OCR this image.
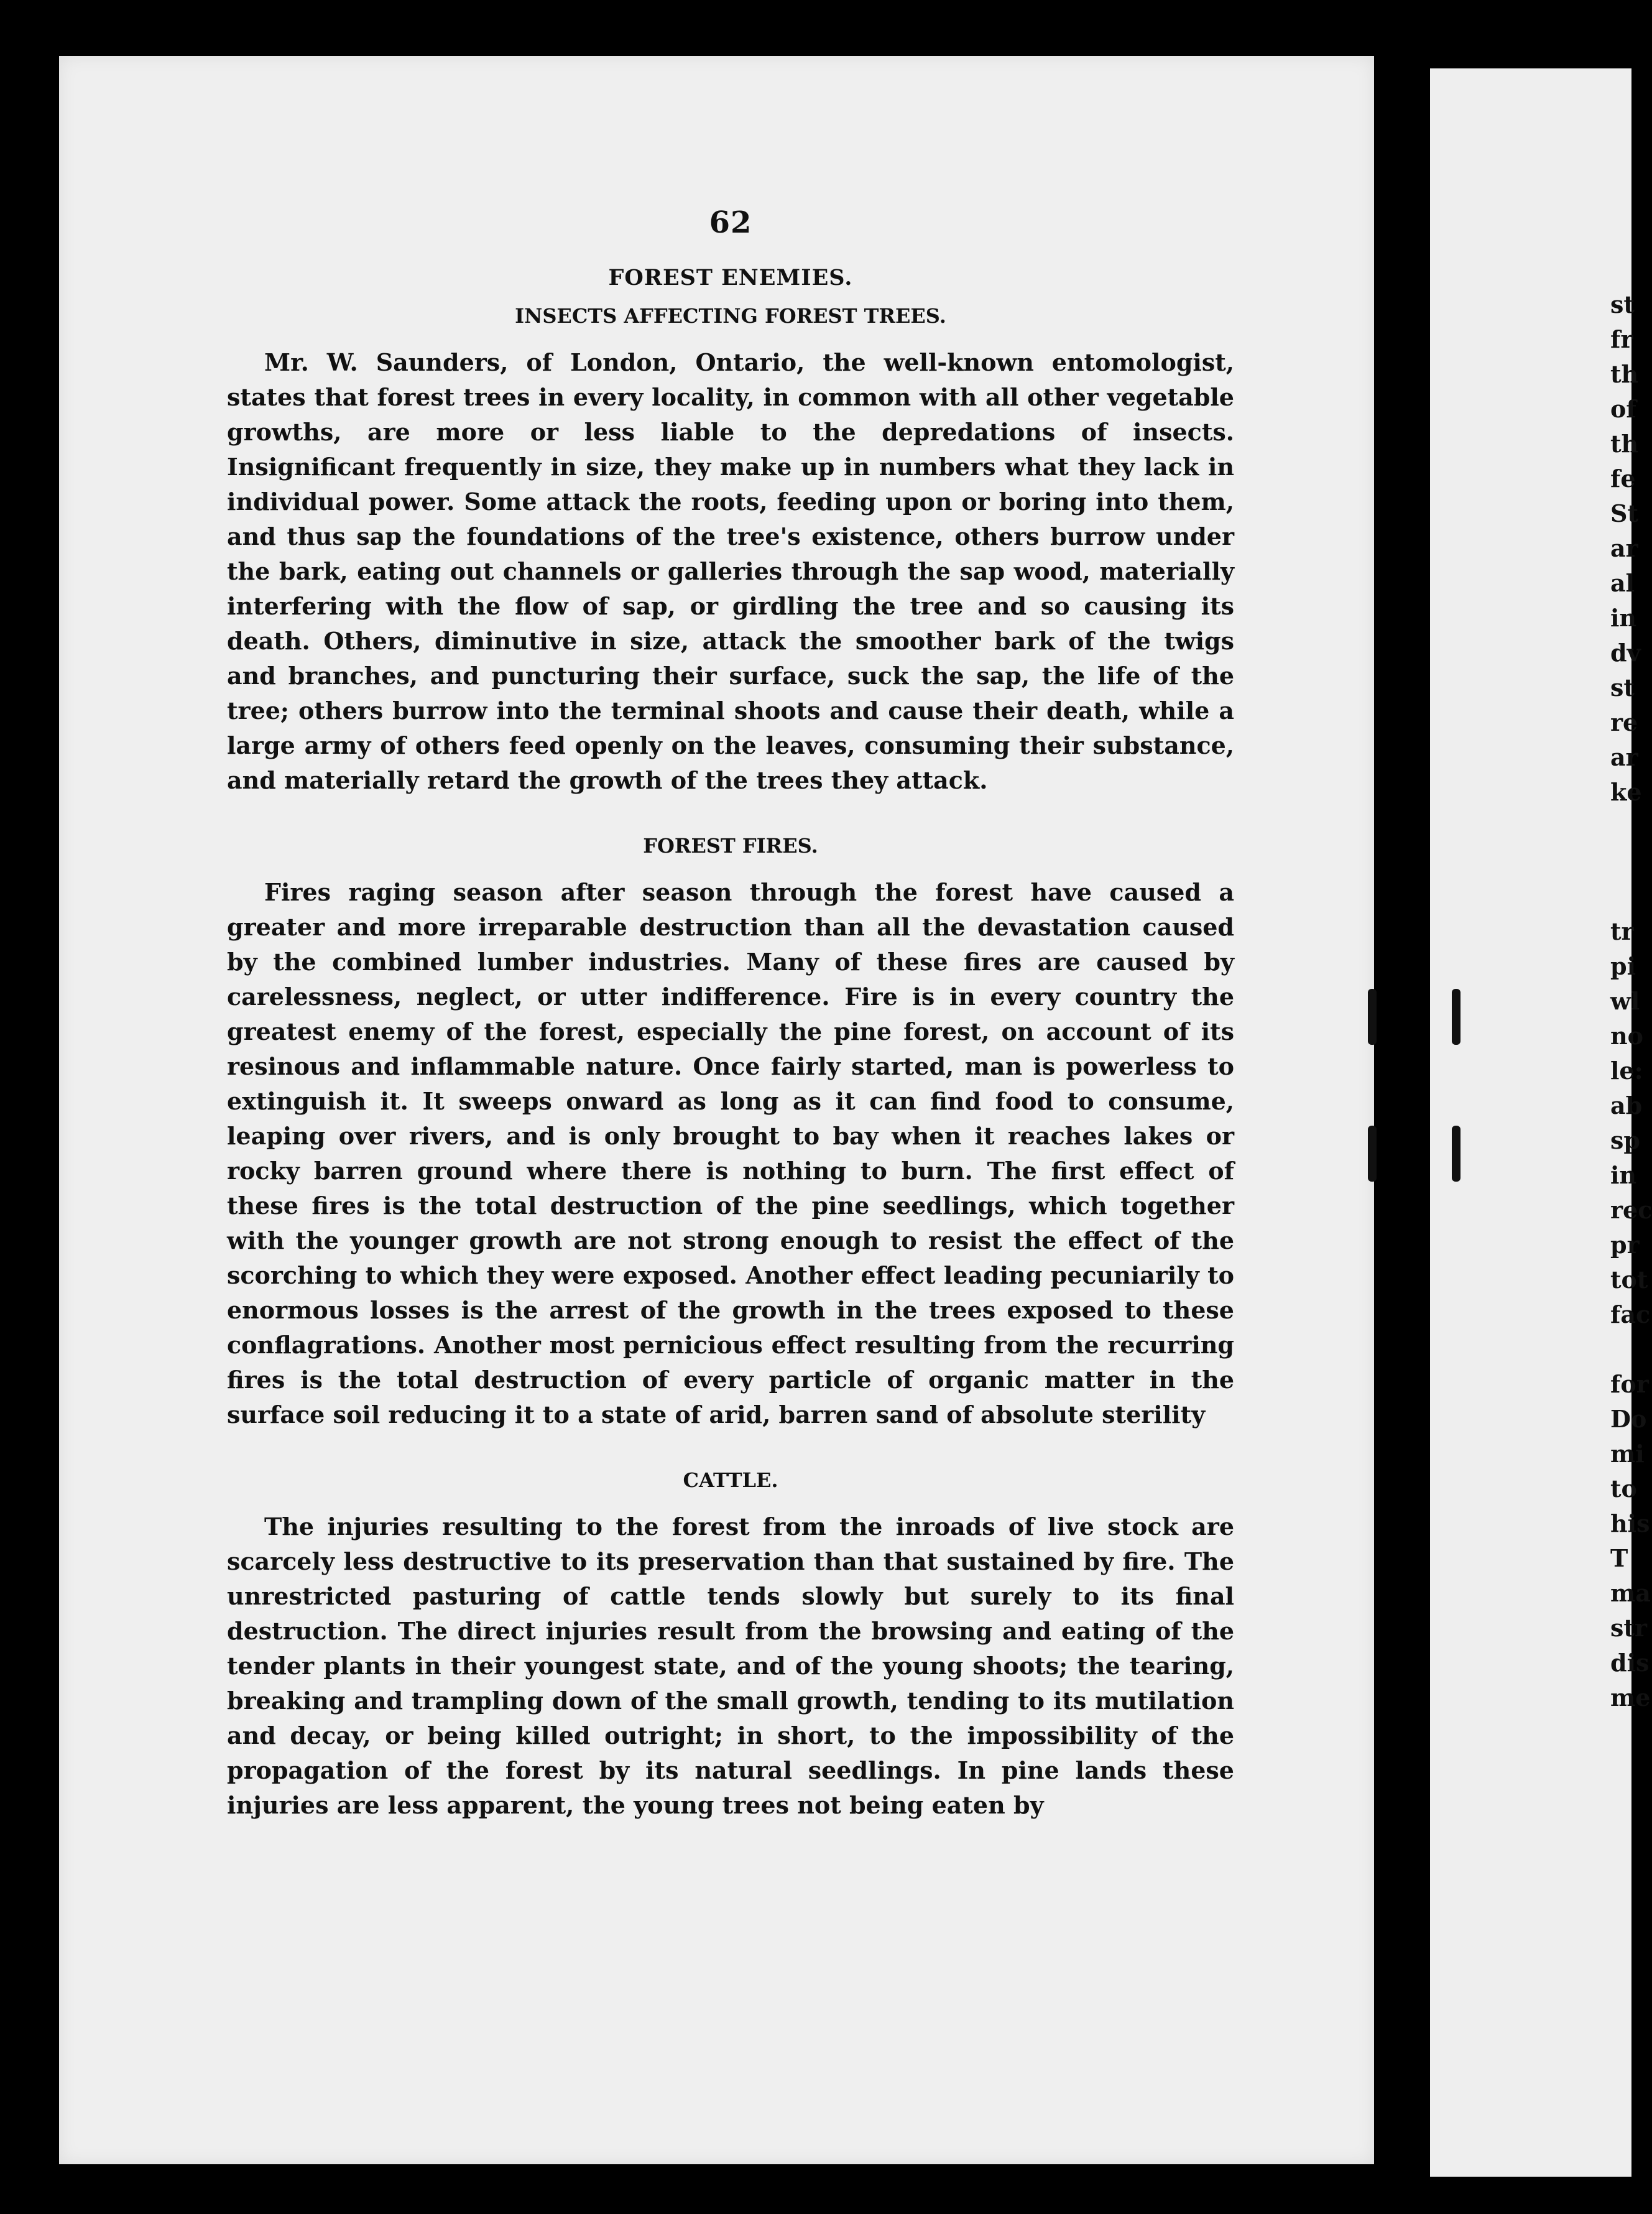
62
FOREST ENEMIES.
INSECTS AFFECTING FOREST TREES.

Mr. W. Saunders, of London, Ontario, the well-known entomologist, states that forest trees in every locality, in common with all other vegetable growths, are more or less liable to the depredations of insects. Insignificant frequently in size, they make up in numbers what they lack in individual power. Some attack the roots, feeding upon or boring into them, and thus sap the foundations of the tree's existence, others burrow under the bark, eating out channels or galleries through the sap wood, materially interfering with the flow of sap, or girdling the tree and so causing its death. Others, diminutive in size, attack the smoother bark of the twigs and branches, and puncturing their surface, suck the sap, the life of the tree; others burrow into the terminal shoots and cause their death, while a large army of others feed openly on the leaves, consuming their substance, and materially retard the growth of the trees they attack.

FOREST FIRES.

Fires raging season after season through the forest have caused a greater and more irreparable destruction than all the devastation caused by the combined lumber industries. Many of these fires are caused by carelessness, neglect, or utter indifference. Fire is in every country the greatest enemy of the forest, especially the pine forest, on account of its resinous and inflammable nature. Once fairly started, man is powerless to extinguish it. It sweeps onward as long as it can find food to consume, leaping over rivers, and is only brought to bay when it reaches lakes or rocky barren ground where there is nothing to burn. The first effect of these fires is the total destruction of the pine seedlings, which together with the younger growth are not strong enough to resist the effect of the scorching to which they were exposed. Another effect leading pecuniarily to enormous losses is the arrest of the growth in the trees exposed to these conflagrations. Another most pernicious effect resulting from the recurring fires is the total destruction of every particle of organic matter in the surface soil reducing it to a state of arid, barren sand of absolute sterility

CATTLE.

The injuries resulting to the forest from the inroads of live stock are scarcely less destructive to its preservation than that sustained by fire. The unrestricted pasturing of cattle tends slowly but surely to its final destruction. The direct injuries result from the browsing and eating of the tender plants in their youngest state, and of the young shoots; the tearing, breaking and trampling down of the small growth, tending to its mutilation and decay, or being killed outright; in short, to the impossibility of the propagation of the forest by its natural seedlings. In pine lands these injuries are less apparent, the young trees not being eaten by

st
fr
th
of
th
fe
St
ar
al
in
dv
st
re
ar
ke
tr
pi
wl
no
le:
ab
sp
in
rec
pr
tot
fac

for
Do
mi
to
his
T
ma
str
dis
me
